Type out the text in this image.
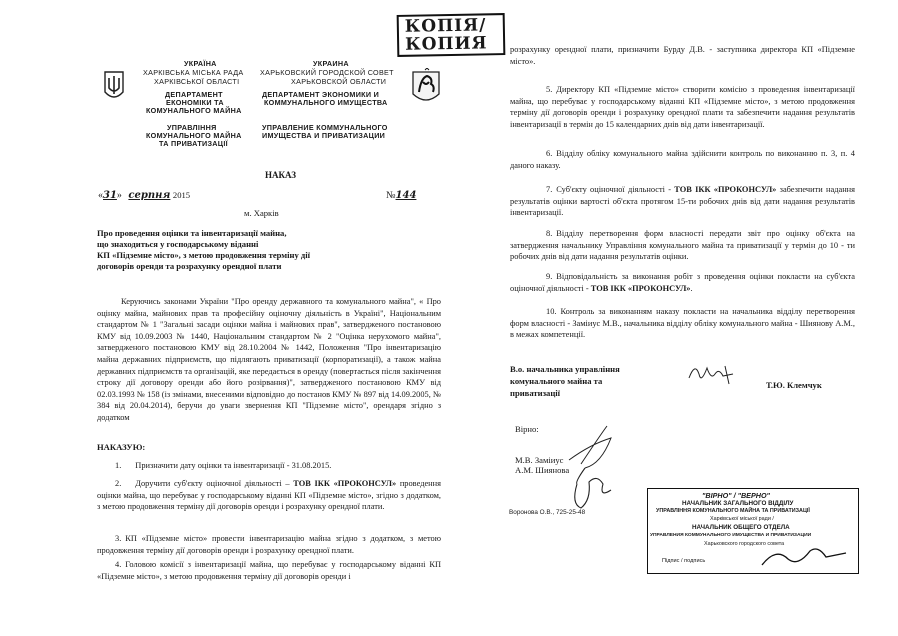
УКРАЇНА
ХАРКІВСЬКА МІСЬКА РАДА
ХАРКІВСЬКОЇ ОБЛАСТІ
ДЕПАРТАМЕНТ
ЕКОНОМІКИ ТА
КОМУНАЛЬНОГО МАЙНА
УПРАВЛІННЯ
КОМУНАЛЬНОГО МАЙНА
ТА ПРИВАТИЗАЦІЇ
УКРАИНА
ХАРЬКОВСКИЙ ГОРОДСКОЙ СОВЕТ
ХАРЬКОВСКОЙ ОБЛАСТИ
ДЕПАРТАМЕНТ ЭКОНОМИКИ И
КОММУНАЛЬНОГО ИМУЩЕСТВА
УПРАВЛЕНИЕ КОММУНАЛЬНОГО
ИМУЩЕСТВА И ПРИВАТИЗАЦИИ
НАКАЗ
«31» серпня 2015	№144
м. Харків
Про проведення оцінки та інвентаризації майна,
що знаходиться у господарському віданні
КП «Підземне місто», з метою продовження терміну дії
договорів оренди та розрахунку орендної плати
Керуючись законами України "Про оренду державного та комунального майна", « Про оцінку майна, майнових прав та професійну оціночну діяльність в Україні", Національним стандартом № 1 "Загальні засади оцінки майна і майнових прав", затвердженого постановою КМУ від 10.09.2003 № 1440, Національним стандартом № 2 "Оцінка нерухомого майна", затвердженого постановою КМУ від 28.10.2004 № 1442, Положення "Про інвентаризацію майна державних підприємств, що підлягають приватизації (корпоратизації), а також майна державних підприємств та організацій, яке передається в оренду (повертається після закінчення строку дії договору оренди або його розірвання)", затвердженого постановою КМУ від 02.03.1993 № 158 (із змінами, внесеними відповідно до постанов КМУ № 897 від 14.09.2005, № 384 від 20.04.2014), беручи до уваги звернення КП "Підземне місто", орендаря згідно з додатком
НАКАЗУЮ:
1. Призначити дату оцінки та інвентаризації - 31.08.2015.
2. Доручити суб'єкту оціночної діяльності – ТОВ ІКК «ПРОКОНСУЛ» проведення оцінки майна, що перебуває у господарському віданні КП «Підземне місто», згідно з додатком, з метою продовження терміну дії договорів оренди і розрахунку орендної плати.
3. КП «Підземне місто» провести інвентаризацію майна згідно з додатком, з метою продовження терміну дії договорів оренди і розрахунку орендної плати.
4. Головою комісії з інвентаризації майна, що перебуває у господарському віданні КП «Підземне місто», з метою продовження терміну дії договорів оренди і
КОПІЯ/
КОПИЯ	розрахунку орендної плати, призначити Бурду Д.В. - заступника директора КП «Підземне місто».
5. Директору КП «Підземне місто» створити комісію з проведення інвентаризації майна, що перебуває у господарському віданні КП «Підземне місто», з метою продовження терміну дії договорів оренди і розрахунку орендної плати та забезпечити надання результатів інвентаризації в термін до 15 календарних днів від дати інвентаризації.
6. Відділу обліку комунального майна здійснити контроль по виконанню п. 3, п. 4 даного наказу.
7. Суб'єкту оціночної діяльності - ТОВ ІКК «ПРОКОНСУЛ» забезпечити надання результатів оцінки вартості об'єкта протягом 15-ти робочих днів від дати надання результатів інвентаризації.
8. Відділу перетворення форм власності передати звіт про оцінку об'єкта на затвердження начальнику Управління комунального майна та приватизації у термін до 10 - ти робочих днів від дати надання результатів оцінки.
9. Відповідальність за виконання робіт з проведення оцінки покласти на суб'єкта оціночної діяльності - ТОВ ІКК «ПРОКОНСУЛ».
10. Контроль за виконанням наказу покласти на начальника відділу перетворення форм власності - Заміиус М.В., начальника відділу обліку комунального майна - Шиянову А.М., в межах компетенції.
В.о. начальника управління
комунального майна та
приватизації
Т.Ю. Клемчук
Вірно:
М.В. Заміиус
А.М. Шиянова
Воронова О.В., 725-25-48
"ВІРНО" / "ВЕРНО"
НАЧАЛЬНИК ЗАГАЛЬНОГО ВІДДІЛУ
УПРАВЛІННЯ КОМУНАЛЬНОГО МАЙНА ТА ПРИВАТИЗАЦІЇ
Харківської міської ради /
НАЧАЛЬНИК ОБЩЕГО ОТДЕЛА
УПРАВЛЕНИЯ КОММУНАЛЬНОГО ИМУЩЕСТВА И ПРИВАТИЗАЦИИ
Харьковского городского совета
Підпис / подпись
